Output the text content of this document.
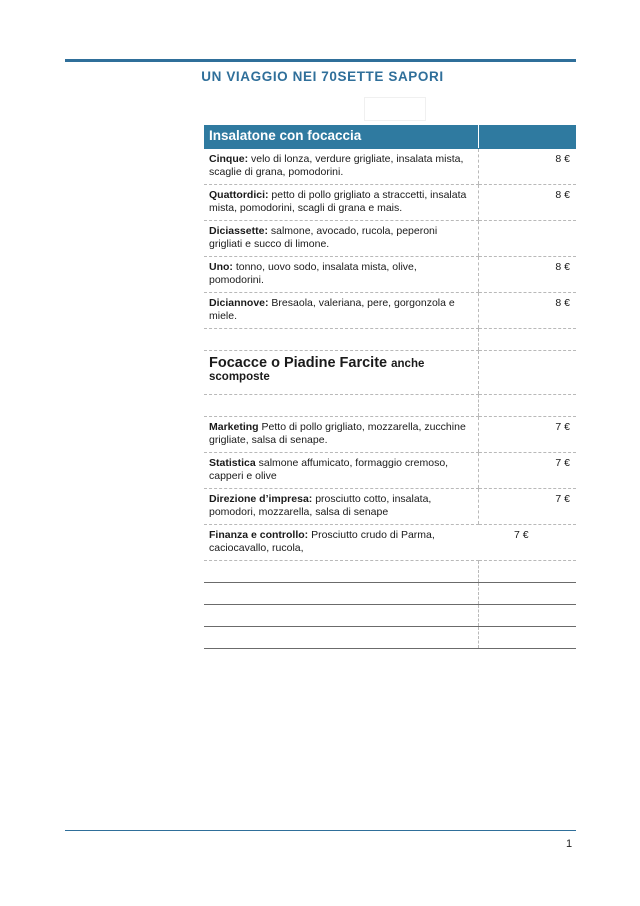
UN VIAGGIO NEI 70SETTE SAPORI
Insalatone con focaccia	
Cinque: velo di lonza, verdure grigliate, insalata mista, scaglie di grana, pomodorini.	8 €
Quattordici: petto di pollo grigliato a straccetti, insalata mista, pomodorini, scagli di grana e mais.	8 €
Diciassette: salmone, avocado, rucola, peperoni grigliati e succo di limone.	
Uno: tonno, uovo sodo, insalata mista, olive, pomodorini.	8 €
Diciannove: Bresaola, valeriana, pere, gorgonzola e miele.	8 €

Focacce o Piadine Farcite anche scomposte	

Marketing Petto di pollo grigliato, mozzarella, zucchine grigliate, salsa di senape.	7 €
Statistica salmone affumicato, formaggio cremoso, capperi e olive	7 €
Direzione d’impresa: prosciutto cotto, insalata, pomodori, mozzarella, salsa di senape	7 €
Finanza e controllo: Prosciutto crudo di Parma, caciocavallo, rucola,	7 €

1
